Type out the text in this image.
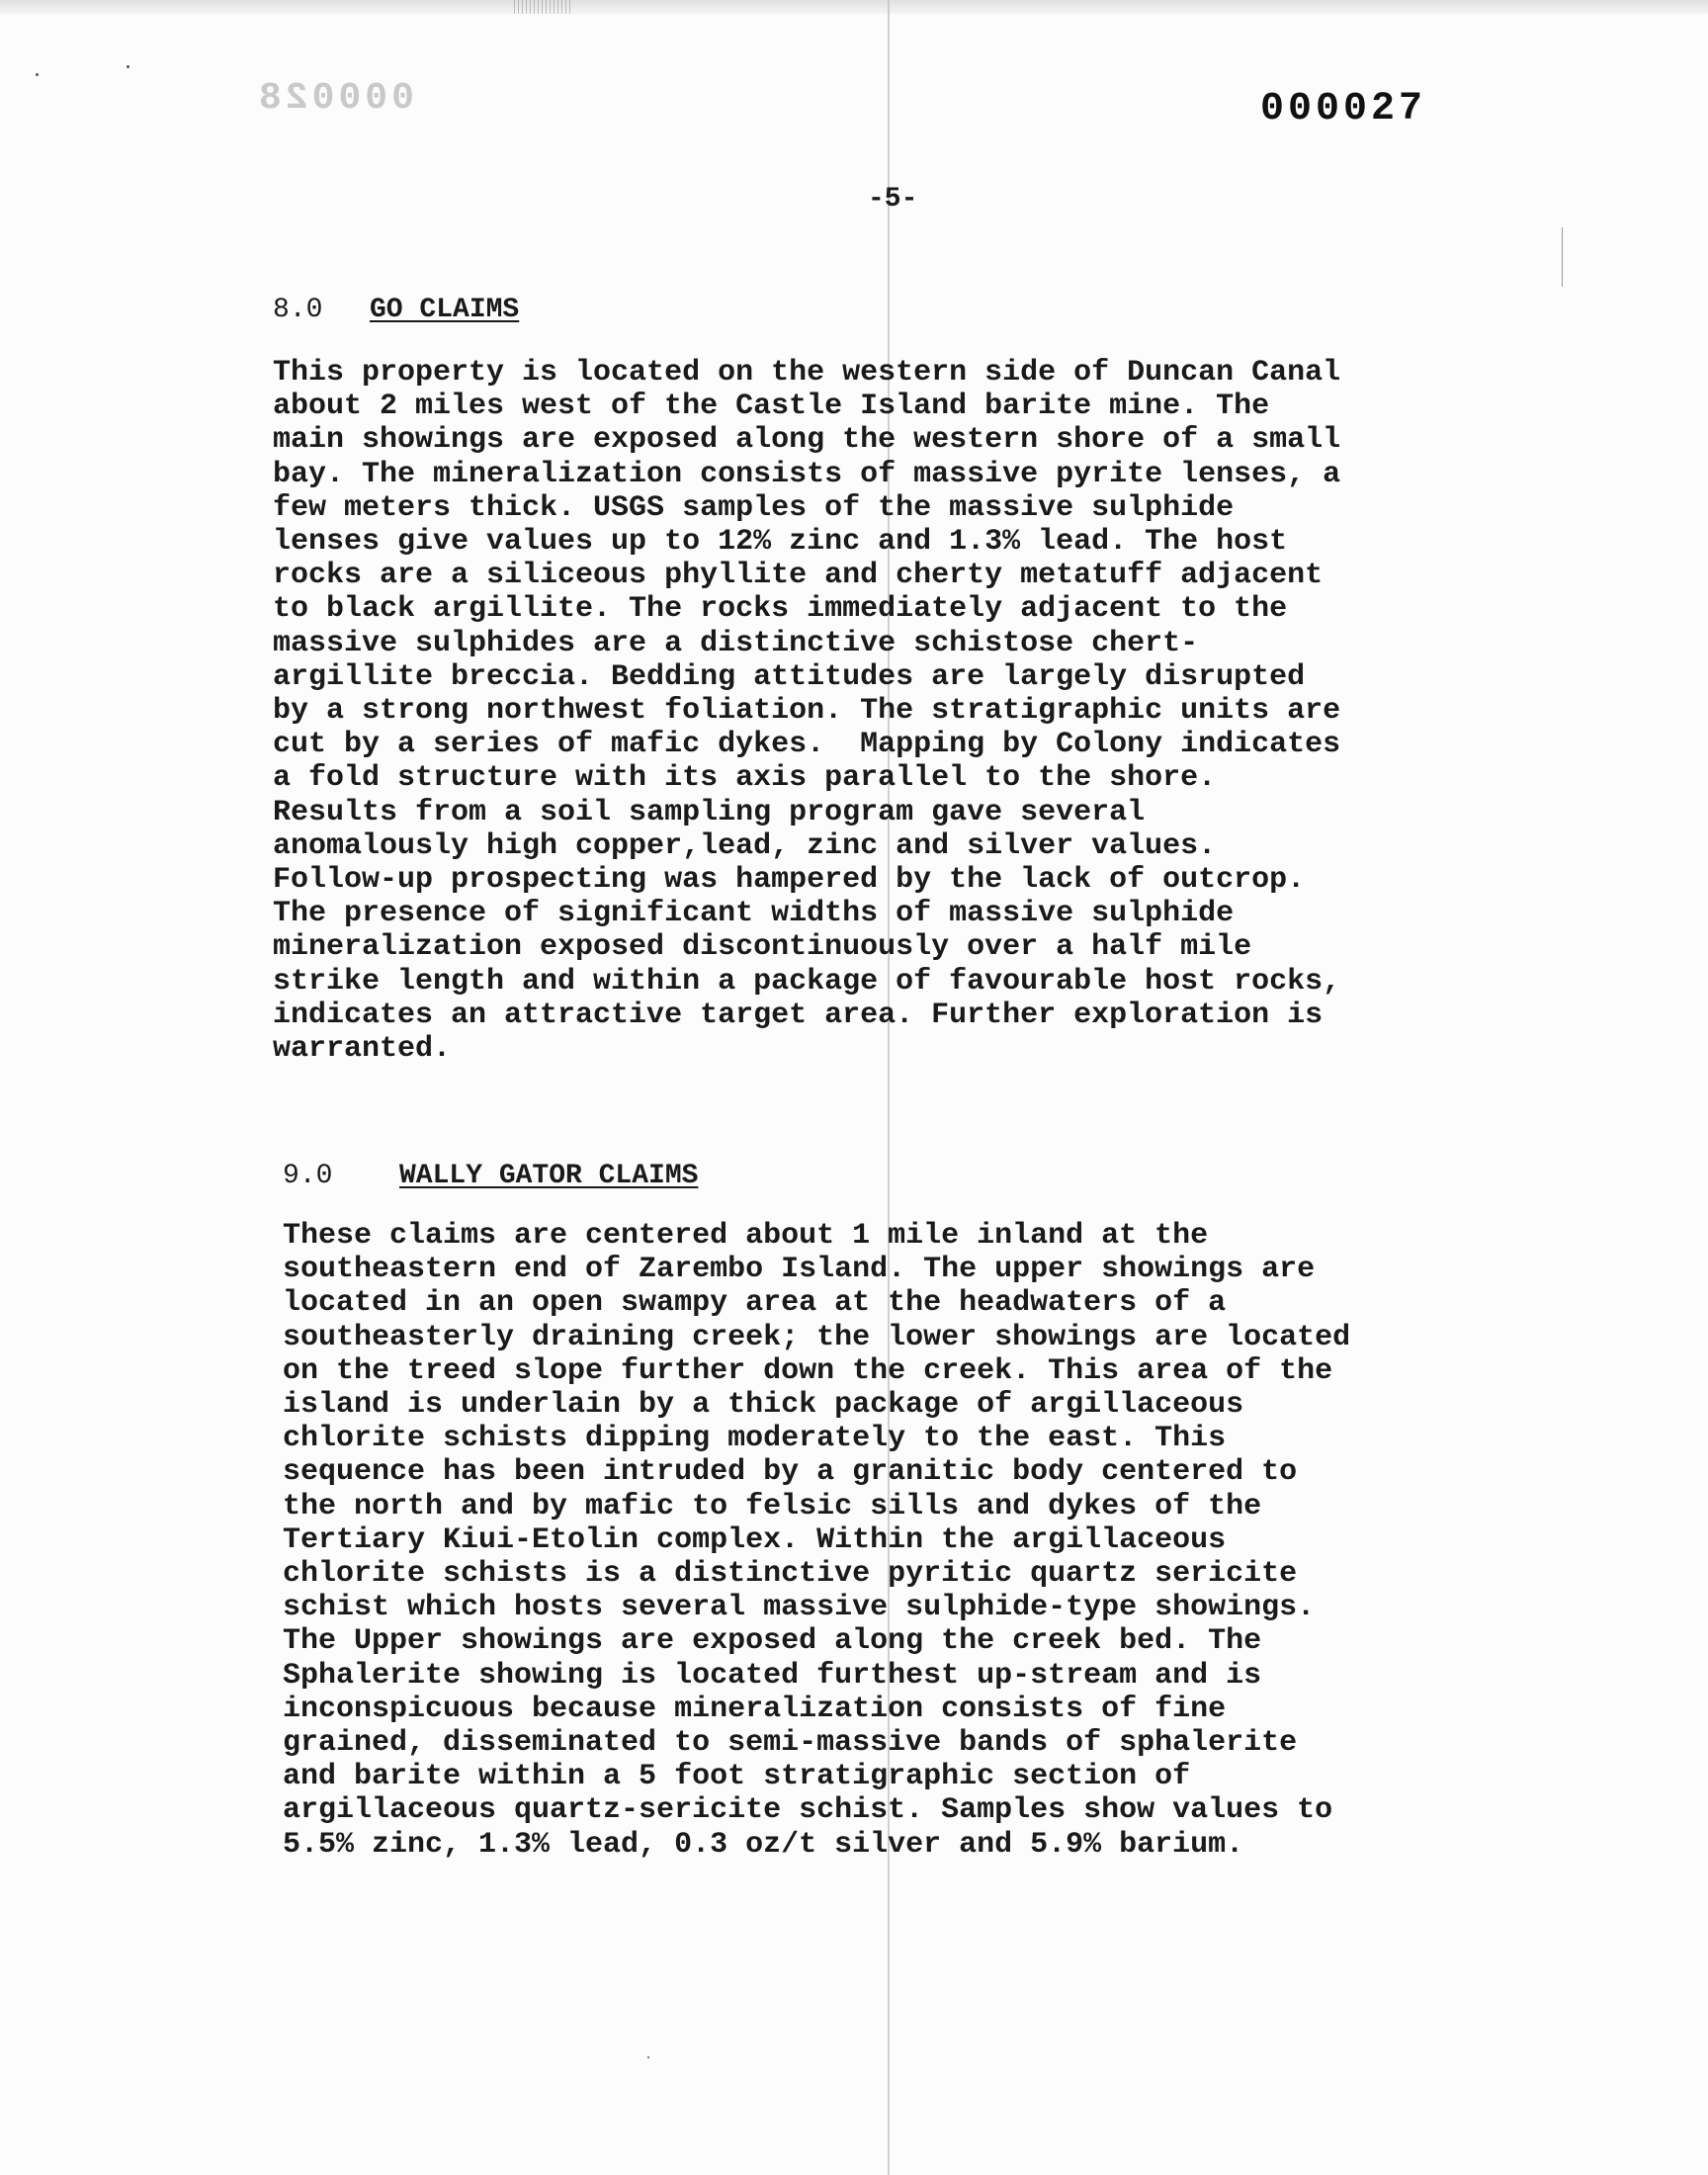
000028	000027
-5-
8.0 GO CLAIMS
This property is located on the western side of Duncan Canal
about 2 miles west of the Castle Island barite mine. The
main showings are exposed along the western shore of a small
bay. The mineralization consists of massive pyrite lenses, a
few meters thick. USGS samples of the massive sulphide
lenses give values up to 12% zinc and 1.3% lead. The host
rocks are a siliceous phyllite and cherty metatuff adjacent
to black argillite. The rocks immediately adjacent to the
massive sulphides are a distinctive schistose chert-
argillite breccia. Bedding attitudes are largely disrupted
by a strong northwest foliation. The stratigraphic units are
cut by a series of mafic dykes.  Mapping by Colony indicates
a fold structure with its axis parallel to the shore.
Results from a soil sampling program gave several
anomalously high copper,lead, zinc and silver values.
Follow-up prospecting was hampered by the lack of outcrop.
The presence of significant widths of massive sulphide
mineralization exposed discontinuously over a half mile
strike length and within a package of favourable host rocks,
indicates an attractive target area. Further exploration is
warranted.
9.0 WALLY GATOR CLAIMS
These claims are centered about 1 mile inland at the
southeastern end of Zarembo Island. The upper showings are
located in an open swampy area at the headwaters of a
southeasterly draining creek; the lower showings are located
on the treed slope further down the creek. This area of the
island is underlain by a thick package of argillaceous
chlorite schists dipping moderately to the east. This
sequence has been intruded by a granitic body centered to
the north and by mafic to felsic sills and dykes of the
Tertiary Kiui-Etolin complex. Within the argillaceous
chlorite schists is a distinctive pyritic quartz sericite
schist which hosts several massive sulphide-type showings.
The Upper showings are exposed along the creek bed. The
Sphalerite showing is located furthest up-stream and is
inconspicuous because mineralization consists of fine
grained, disseminated to semi-massive bands of sphalerite
and barite within a 5 foot stratigraphic section of
argillaceous quartz-sericite schist. Samples show values to
5.5% zinc, 1.3% lead, 0.3 oz/t silver and 5.9% barium.
